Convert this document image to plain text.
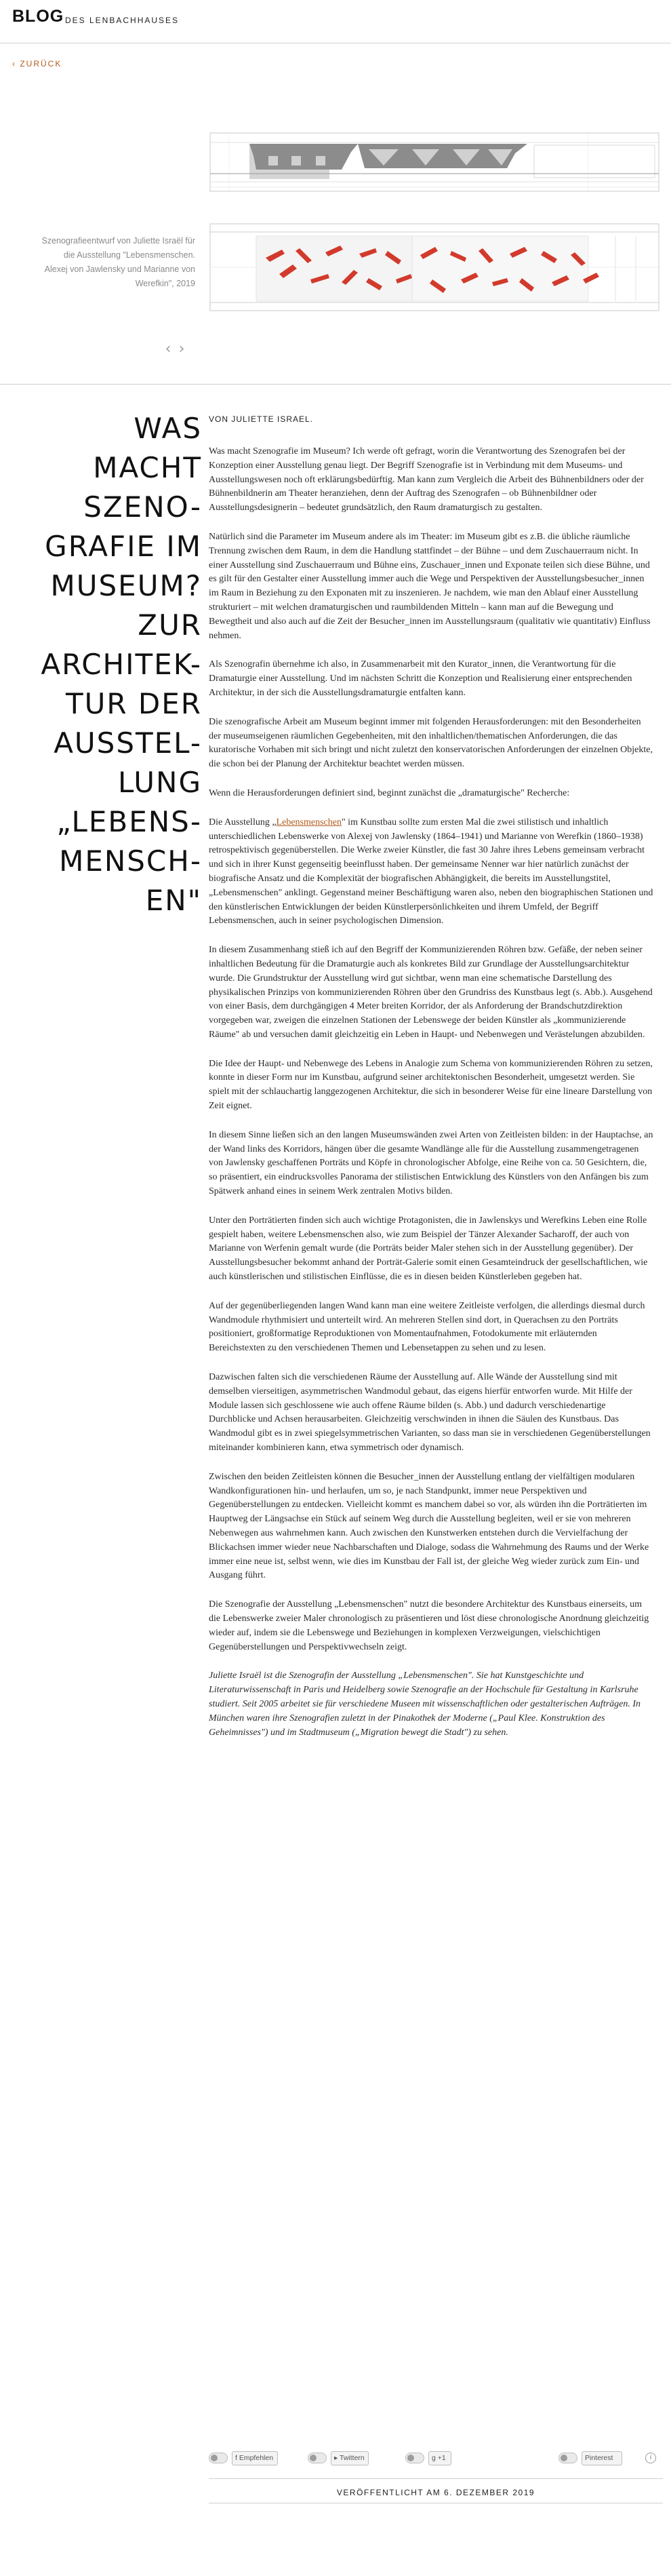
BLOG DES LENBACHHAUSES
‹ ZURÜCK
Szenografieentwurf von Juliette Israël für die Ausstellung "Lebensmenschen. Alexej von Jawlensky und Marianne von Werefkin", 2019
‹ ›
WAS
MACHT
SZENO-
GRAFIE IM
MUSEUM?
ZUR
ARCHITEK-
TUR DER
AUSSTEL-
LUNG
„LEBENS-
MENSCH-
EN"
VON JULIETTE ISRAEL.

Was macht Szenografie im Museum? Ich werde oft gefragt, worin die Verantwortung des Szenografen bei der Konzeption einer Ausstellung genau liegt. Der Begriff Szenografie ist in Verbindung mit dem Museums- und Ausstellungswesen noch oft erklärungsbedürftig. Man kann zum Vergleich die Arbeit des Bühnenbildners oder der Bühnenbildnerin am Theater heranziehen, denn der Auftrag des Szenografen – ob Bühnenbildner oder Ausstellungsdesignerin – bedeutet grundsätzlich, den Raum dramaturgisch zu gestalten.

Natürlich sind die Parameter im Museum andere als im Theater: im Museum gibt es z.B. die übliche räumliche Trennung zwischen dem Raum, in dem die Handlung stattfindet – der Bühne – und dem Zuschauerraum nicht. In einer Ausstellung sind Zuschauerraum und Bühne eins, Zuschauer_innen und Exponate teilen sich diese Bühne, und es gilt für den Gestalter einer Ausstellung immer auch die Wege und Perspektiven der Ausstellungsbesucher_innen im Raum in Beziehung zu den Exponaten mit zu inszenieren. Je nachdem, wie man den Ablauf einer Ausstellung strukturiert – mit welchen dramaturgischen und raumbildenden Mitteln – kann man auf die Bewegung und Bewegtheit und also auch auf die Zeit der Besucher_innen im Ausstellungsraum (qualitativ wie quantitativ) Einfluss nehmen.

Als Szenografin übernehme ich also, in Zusammenarbeit mit den Kurator_innen, die Verantwortung für die Dramaturgie einer Ausstellung. Und im nächsten Schritt die Konzeption und Realisierung einer entsprechenden Architektur, in der sich die Ausstellungsdramaturgie entfalten kann.

Die szenografische Arbeit am Museum beginnt immer mit folgenden Herausforderungen: mit den Besonderheiten der museumseigenen räumlichen Gegebenheiten, mit den inhaltlichen/thematischen Anforderungen, die das kuratorische Vorhaben mit sich bringt und nicht zuletzt den konservatorischen Anforderungen der einzelnen Objekte, die schon bei der Planung der Architektur beachtet werden müssen.

Wenn die Herausforderungen definiert sind, beginnt zunächst die „dramaturgische" Recherche:

Die Ausstellung „Lebensmenschen" im Kunstbau sollte zum ersten Mal die zwei stilistisch und inhaltlich unterschiedlichen Lebenswerke von Alexej von Jawlensky (1864–1941) und Marianne von Werefkin (1860–1938) retrospektivisch gegenüberstellen. Die Werke zweier Künstler, die fast 30 Jahre ihres Lebens gemeinsam verbracht und sich in ihrer Kunst gegenseitig beeinflusst haben. Der gemeinsame Nenner war hier natürlich zunächst der biografische Ansatz und die Komplexität der biografischen Abhängigkeit, die bereits im Ausstellungstitel, „Lebensmenschen" anklingt. Gegenstand meiner Beschäftigung waren also, neben den biographischen Stationen und den künstlerischen Entwicklungen der beiden Künstlerpersönlichkeiten und ihrem Umfeld, der Begriff Lebensmenschen, auch in seiner psychologischen Dimension.

In diesem Zusammenhang stieß ich auf den Begriff der Kommunizierenden Röhren bzw. Gefäße, der neben seiner inhaltlichen Bedeutung für die Dramaturgie auch als konkretes Bild zur Grundlage der Ausstellungsarchitektur wurde. Die Grundstruktur der Ausstellung wird gut sichtbar, wenn man eine schematische Darstellung des physikalischen Prinzips von kommunizierenden Röhren über den Grundriss des Kunstbaus legt (s. Abb.). Ausgehend von einer Basis, dem durchgängigen 4 Meter breiten Korridor, der als Anforderung der Brandschutzdirektion vorgegeben war, zweigen die einzelnen Stationen der Lebenswege der beiden Künstler als „kommunizierende Räume" ab und versuchen damit gleichzeitig ein Leben in Haupt- und Nebenwegen und Verästelungen abzubilden.

Die Idee der Haupt- und Nebenwege des Lebens in Analogie zum Schema von kommunizierenden Röhren zu setzen, konnte in dieser Form nur im Kunstbau, aufgrund seiner architektonischen Besonderheit, umgesetzt werden. Sie spielt mit der schlauchartig langgezogenen Architektur, die sich in besonderer Weise für eine lineare Darstellung von Zeit eignet.

In diesem Sinne ließen sich an den langen Museumswänden zwei Arten von Zeitleisten bilden: in der Hauptachse, an der Wand links des Korridors, hängen über die gesamte Wandlänge alle für die Ausstellung zusammengetragenen von Jawlensky geschaffenen Porträts und Köpfe in chronologischer Abfolge, eine Reihe von ca. 50 Gesichtern, die, so präsentiert, ein eindrucksvolles Panorama der stilistischen Entwicklung des Künstlers von den Anfängen bis zum Spätwerk anhand eines in seinem Werk zentralen Motivs bilden.

Unter den Porträtierten finden sich auch wichtige Protagonisten, die in Jawlenskys und Werefkins Leben eine Rolle gespielt haben, weitere Lebensmenschen also, wie zum Beispiel der Tänzer Alexander Sacharoff, der auch von Marianne von Werfenin gemalt wurde (die Porträts beider Maler stehen sich in der Ausstellung gegenüber). Der Ausstellungsbesucher bekommt anhand der Porträt-Galerie somit einen Gesamteindruck der gesellschaftlichen, wie auch künstlerischen und stilistischen Einflüsse, die es in diesen beiden Künstlerleben gegeben hat.

Auf der gegenüberliegenden langen Wand kann man eine weitere Zeitleiste verfolgen, die allerdings diesmal durch Wandmodule rhythmisiert und unterteilt wird. An mehreren Stellen sind dort, in Querachsen zu den Porträts positioniert, großformatige Reproduktionen von Momentaufnahmen, Fotodokumente mit erläuternden Bereichstexten zu den verschiedenen Themen und Lebensetappen zu sehen und zu lesen.

Dazwischen falten sich die verschiedenen Räume der Ausstellung auf. Alle Wände der Ausstellung sind mit demselben vierseitigen, asymmetrischen Wandmodul gebaut, das eigens hierfür entworfen wurde. Mit Hilfe der Module lassen sich geschlossene wie auch offene Räume bilden (s. Abb.) und dadurch verschiedenartige Durchblicke und Achsen herausarbeiten. Gleichzeitig verschwinden in ihnen die Säulen des Kunstbaus. Das Wandmodul gibt es in zwei spiegelsymmetrischen Varianten, so dass man sie in verschiedenen Gegenüberstellungen miteinander kombinieren kann, etwa symmetrisch oder dynamisch.

Zwischen den beiden Zeitleisten können die Besucher_innen der Ausstellung entlang der vielfältigen modularen Wandkonfigurationen hin- und herlaufen, um so, je nach Standpunkt, immer neue Perspektiven und Gegenüberstellungen zu entdecken. Vielleicht kommt es manchem dabei so vor, als würden ihn die Porträtierten im Hauptweg der Längsachse ein Stück auf seinem Weg durch die Ausstellung begleiten, weil er sie von mehreren Nebenwegen aus wahrnehmen kann. Auch zwischen den Kunstwerken entstehen durch die Vervielfachung der Blickachsen immer wieder neue Nachbarschaften und Dialoge, sodass die Wahrnehmung des Raums und der Werke immer eine neue ist, selbst wenn, wie dies im Kunstbau der Fall ist, der gleiche Weg wieder zurück zum Ein- und Ausgang führt.

Die Szenografie der Ausstellung „Lebensmenschen" nutzt die besondere Architektur des Kunstbaus einerseits, um die Lebenswerke zweier Maler chronologisch zu präsentieren und löst diese chronologische Anordnung gleichzeitig wieder auf, indem sie die Lebenswege und Beziehungen in komplexen Verzweigungen, vielschichtigen Gegenüberstellungen und Perspektivwechseln zeigt.

Juliette Israël ist die Szenografin der Ausstellung „Lebensmenschen". Sie hat Kunstgeschichte und Literaturwissenschaft in Paris und Heidelberg sowie Szenografie an der Hochschule für Gestaltung in Karlsruhe studiert. Seit 2005 arbeitet sie für verschiedene Museen mit wissenschaftlichen oder gestalterischen Aufträgen. In München waren ihre Szenografien zuletzt in der Pinakothek der Moderne („Paul Klee. Konstruktion des Geheimnisses") und im Stadtmuseum („Migration bewegt die Stadt") zu sehen.

f Empfehlen	▸ Twittern	g +1	Pinterest	i
VERÖFFENTLICHT AM 6. DEZEMBER 2019
